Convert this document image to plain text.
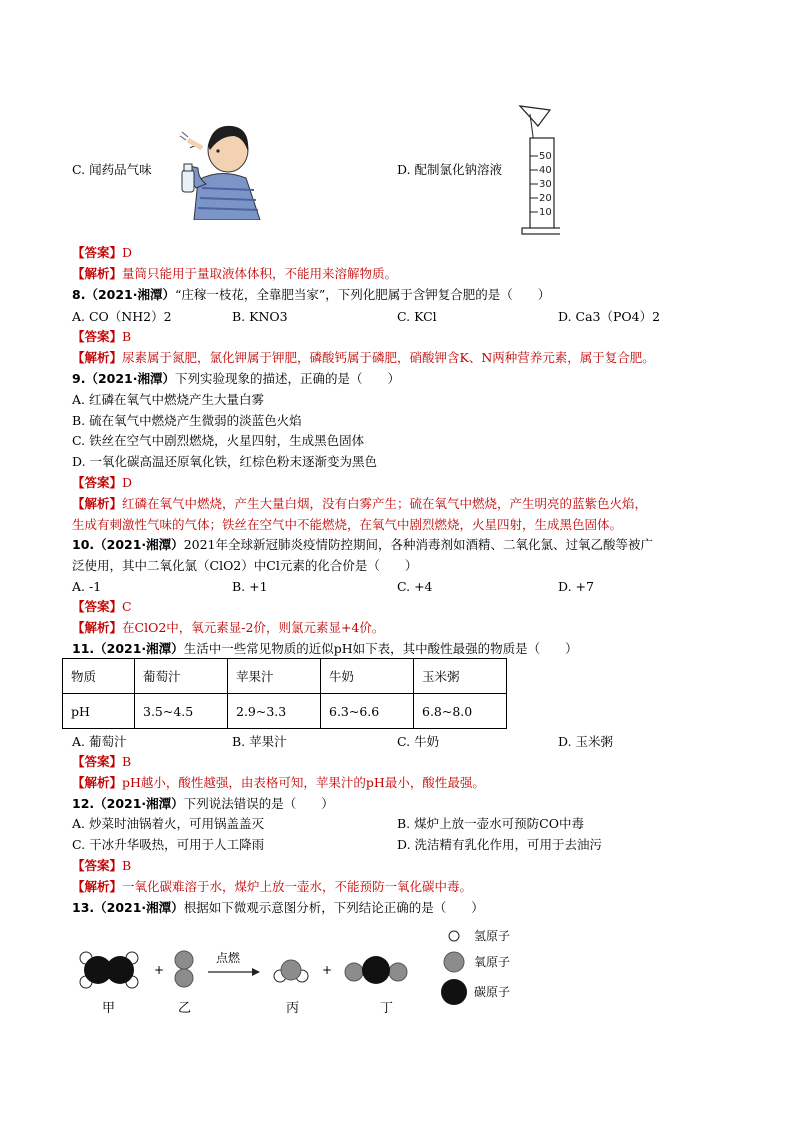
C. 闻药品气味	D. 配制氯化钠溶液
50
40
30
20
10
【答案】D
【解析】量筒只能用于量取液体体积，不能用来溶解物质。
8.（2021·湘潭）“庄稼一枝花，全靠肥当家”，下列化肥属于含钾复合肥的是（　　）
A. CO（NH2）2	B. KNO3	C. KCl	D. Ca3（PO4）2
【答案】B
【解析】尿素属于氮肥，氯化钾属于钾肥，磷酸钙属于磷肥，硝酸钾含K、N两种营养元素，属于复合肥。
9.（2021·湘潭）下列实验现象的描述，正确的是（　　）
A. 红磷在氧气中燃烧产生大量白雾
B. 硫在氧气中燃烧产生微弱的淡蓝色火焰
C. 铁丝在空气中剧烈燃烧，火星四射，生成黑色固体
D. 一氧化碳高温还原氧化铁，红棕色粉末逐渐变为黑色
【答案】D
【解析】红磷在氧气中燃烧，产生大量白烟，没有白雾产生；硫在氧气中燃烧，产生明亮的蓝紫色火焰，
生成有刺激性气味的气体；铁丝在空气中不能燃烧，在氧气中剧烈燃烧，火星四射，生成黑色固体。
10.（2021·湘潭）2021年全球新冠肺炎疫情防控期间，各种消毒剂如酒精、二氧化氯、过氧乙酸等被广
泛使用，其中二氧化氯（ClO2）中Cl元素的化合价是（　　）
A. -1	B. +1	C. +4	D. +7
【答案】C
【解析】在ClO2中，氧元素显-2价，则氯元素显+4价。
11.（2021·湘潭）生活中一些常见物质的近似pH如下表，其中酸性最强的物质是（　　）
物质	葡萄汁	苹果汁	牛奶	玉米粥
pH	3.5~4.5	2.9~3.3	6.3~6.6	6.8~8.0
A. 葡萄汁	B. 苹果汁	C. 牛奶	D. 玉米粥
【答案】B
【解析】pH越小，酸性越强，由表格可知，苹果汁的pH最小，酸性最强。
12.（2021·湘潭）下列说法错误的是（　　）
A. 炒菜时油锅着火，可用锅盖盖灭	B. 煤炉上放一壶水可预防CO中毒
C. 干冰升华吸热，可用于人工降雨	D. 洗洁精有乳化作用，可用于去油污
【答案】B
【解析】一氧化碳难溶于水，煤炉上放一壶水，不能预防一氧化碳中毒。
13.（2021·湘潭）根据如下微观示意图分析，下列结论正确的是（　　）
+
点燃
+
甲	乙	丙	丁
氢原子
氧原子
碳原子
